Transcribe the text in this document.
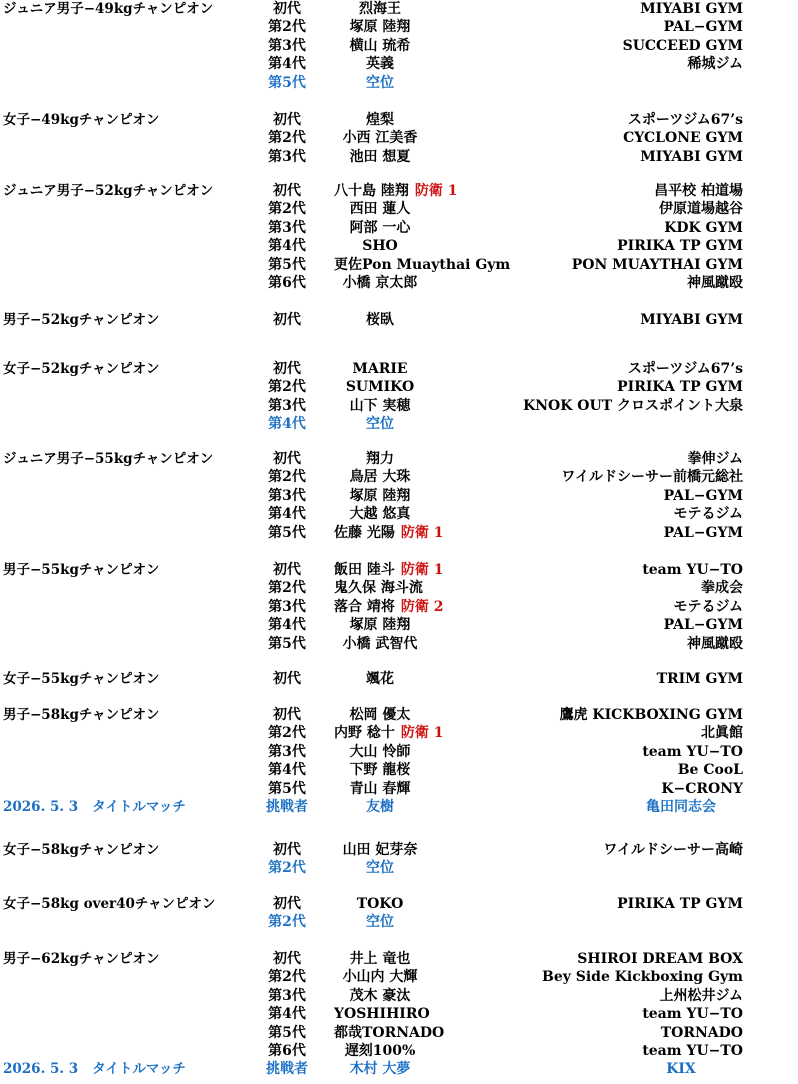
ジュニア男子−49kgチャンピオン	初代	烈海王	MIYABI GYM
第2代	塚原 陸翔	PAL−GYM
第3代	横山 琉希	SUCCEED GYM
第4代	英義	稀城ジム
第5代	空位
女子−49kgチャンピオン	初代	煌梨	スポーツジム67’s
第2代	小西 江美香	CYCLONE GYM
第3代	池田 想夏	MIYABI GYM
ジュニア男子−52kgチャンピオン	初代	八十島 陸翔 防衛 1	昌平校 柏道場
第2代	西田 蓮人	伊原道場越谷
第3代	阿部 一心	KDK GYM
第4代	SHO	PIRIKA TP GYM
第5代 更佐Pon Muaythai Gym	PON MUAYTHAI GYM
第6代	小橋 京太郎	神風蹴殴
男子−52kgチャンピオン	初代	桜臥	MIYABI GYM
女子−52kgチャンピオン	初代	MARIE	スポーツジム67’s
第2代	SUMIKO	PIRIKA TP GYM
第3代	山下 実穂	KNOK OUT クロスポイント大泉
第4代	空位
ジュニア男子−55kgチャンピオン	初代	翔力	拳伸ジム
第2代	鳥居 大珠	ワイルドシーサー前橋元総社
第3代	塚原 陸翔	PAL−GYM
第4代	大越 悠真	モテるジム
第5代 佐藤 光陽 防衛 1	PAL−GYM
男子−55kgチャンピオン	初代	飯田 陸斗 防衛 1	team YU−TO
第2代 鬼久保 海斗流	拳成会
第3代 落合 靖将 防衛 2	モテるジム
第4代	塚原 陸翔	PAL−GYM
第5代	小橋 武智代	神風蹴殴
女子−55kgチャンピオン	初代	颯花	TRIM GYM
男子−58kgチャンピオン	初代	松岡 優太	鷹虎 KICKBOXING GYM
第2代 内野 稔十 防衛 1	北眞館
第3代	大山 怜師	team YU−TO
第4代	下野 龍桜	Be CooL
第5代	青山 春輝	K−CRONY
2026. 5. 3 タイトルマッチ	挑戦者	友樹	亀田同志会
女子−58kgチャンピオン	初代	山田 妃芽奈	ワイルドシーサー高崎
第2代	空位
女子−58kg over40チャンピオン	初代	TOKO	PIRIKA TP GYM
第2代	空位
男子−62kgチャンピオン	初代	井上 竜也	SHIROI DREAM BOX
第2代	小山内 大輝	Bey Side Kickboxing Gym
第3代	茂木 豪汰	上州松井ジム
第4代 YOSHIHIRO	team YU−TO
第5代 都哉TORNADO	TORNADO
第6代	遅刻100%	team YU−TO
2026. 5. 3 タイトルマッチ	挑戦者	木村 大夢	KIX
